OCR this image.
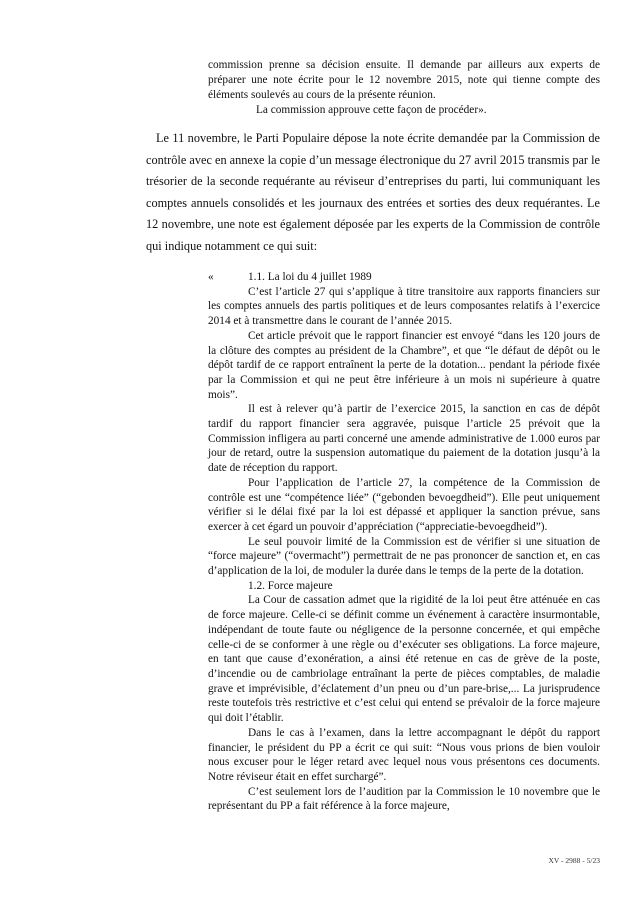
commission prenne sa décision ensuite. Il demande par ailleurs aux experts de préparer une note écrite pour le 12 novembre 2015, note qui tienne compte des éléments soulevés au cours de la présente réunion.

La commission approuve cette façon de procéder».

Le 11 novembre, le Parti Populaire dépose la note écrite demandée par la Commission de contrôle avec en annexe la copie d’un message électronique du 27 avril 2015 transmis par le trésorier de la seconde requérante au réviseur d’entreprises du parti, lui communiquant les comptes annuels consolidés et les journaux des entrées et sorties des deux requérantes. Le 12 novembre, une note est également déposée par les experts de la Commission de contrôle qui indique notamment ce qui suit:

«	1.1. La loi du 4 juillet 1989

C’est l’article 27 qui s’applique à titre transitoire aux rapports financiers sur les comptes annuels des partis politiques et de leurs composantes relatifs à l’exercice 2014 et à transmettre dans le courant de l’année 2015.

Cet article prévoit que le rapport financier est envoyé “dans les 120 jours de la clôture des comptes au président de la Chambre”, et que “le défaut de dépôt ou le dépôt tardif de ce rapport entraînent la perte de la dotation... pendant la période fixée par la Commission et qui ne peut être inférieure à un mois ni supérieure à quatre mois”.

Il est à relever qu’à partir de l’exercice 2015, la sanction en cas de dépôt tardif du rapport financier sera aggravée, puisque l’article 25 prévoit que la Commission infligera au parti concerné une amende administrative de 1.000 euros par jour de retard, outre la suspension automatique du paiement de la dotation jusqu’à la date de réception du rapport.

Pour l’application de l’article 27, la compétence de la Commission de contrôle est une “compétence liée” (“gebonden bevoegdheid”). Elle peut uniquement vérifier si le délai fixé par la loi est dépassé et appliquer la sanction prévue, sans exercer à cet égard un pouvoir d’appréciation (“appreciatie-bevoegdheid”).

Le seul pouvoir limité de la Commission est de vérifier si une situation de “force majeure” (“overmacht”) permettrait de ne pas prononcer de sanction et, en cas d’application de la loi, de moduler la durée dans le temps de la perte de la dotation.

1.2. Force majeure

La Cour de cassation admet que la rigidité de la loi peut être atténuée en cas de force majeure. Celle-ci se définit comme un événement à caractère insurmontable, indépendant de toute faute ou négligence de la personne concernée, et qui empêche celle-ci de se conformer à une règle ou d’exécuter ses obligations. La force majeure, en tant que cause d’exonération, a ainsi été retenue en cas de grève de la poste, d’incendie ou de cambriolage entraînant la perte de pièces comptables, de maladie grave et imprévisible, d’éclatement d’un pneu ou d’un pare-brise,... La jurisprudence reste toutefois très restrictive et c’est celui qui entend se prévaloir de la force majeure qui doit l’établir.

Dans le cas à l’examen, dans la lettre accompagnant le dépôt du rapport financier, le président du PP a écrit ce qui suit: “Nous vous prions de bien vouloir nous excuser pour le léger retard avec lequel nous vous présentons ces documents. Notre réviseur était en effet surchargé”.

C’est seulement lors de l’audition par la Commission le 10 novembre que le représentant du PP a fait référence à la force majeure,

XV - 2988 - 5/23
